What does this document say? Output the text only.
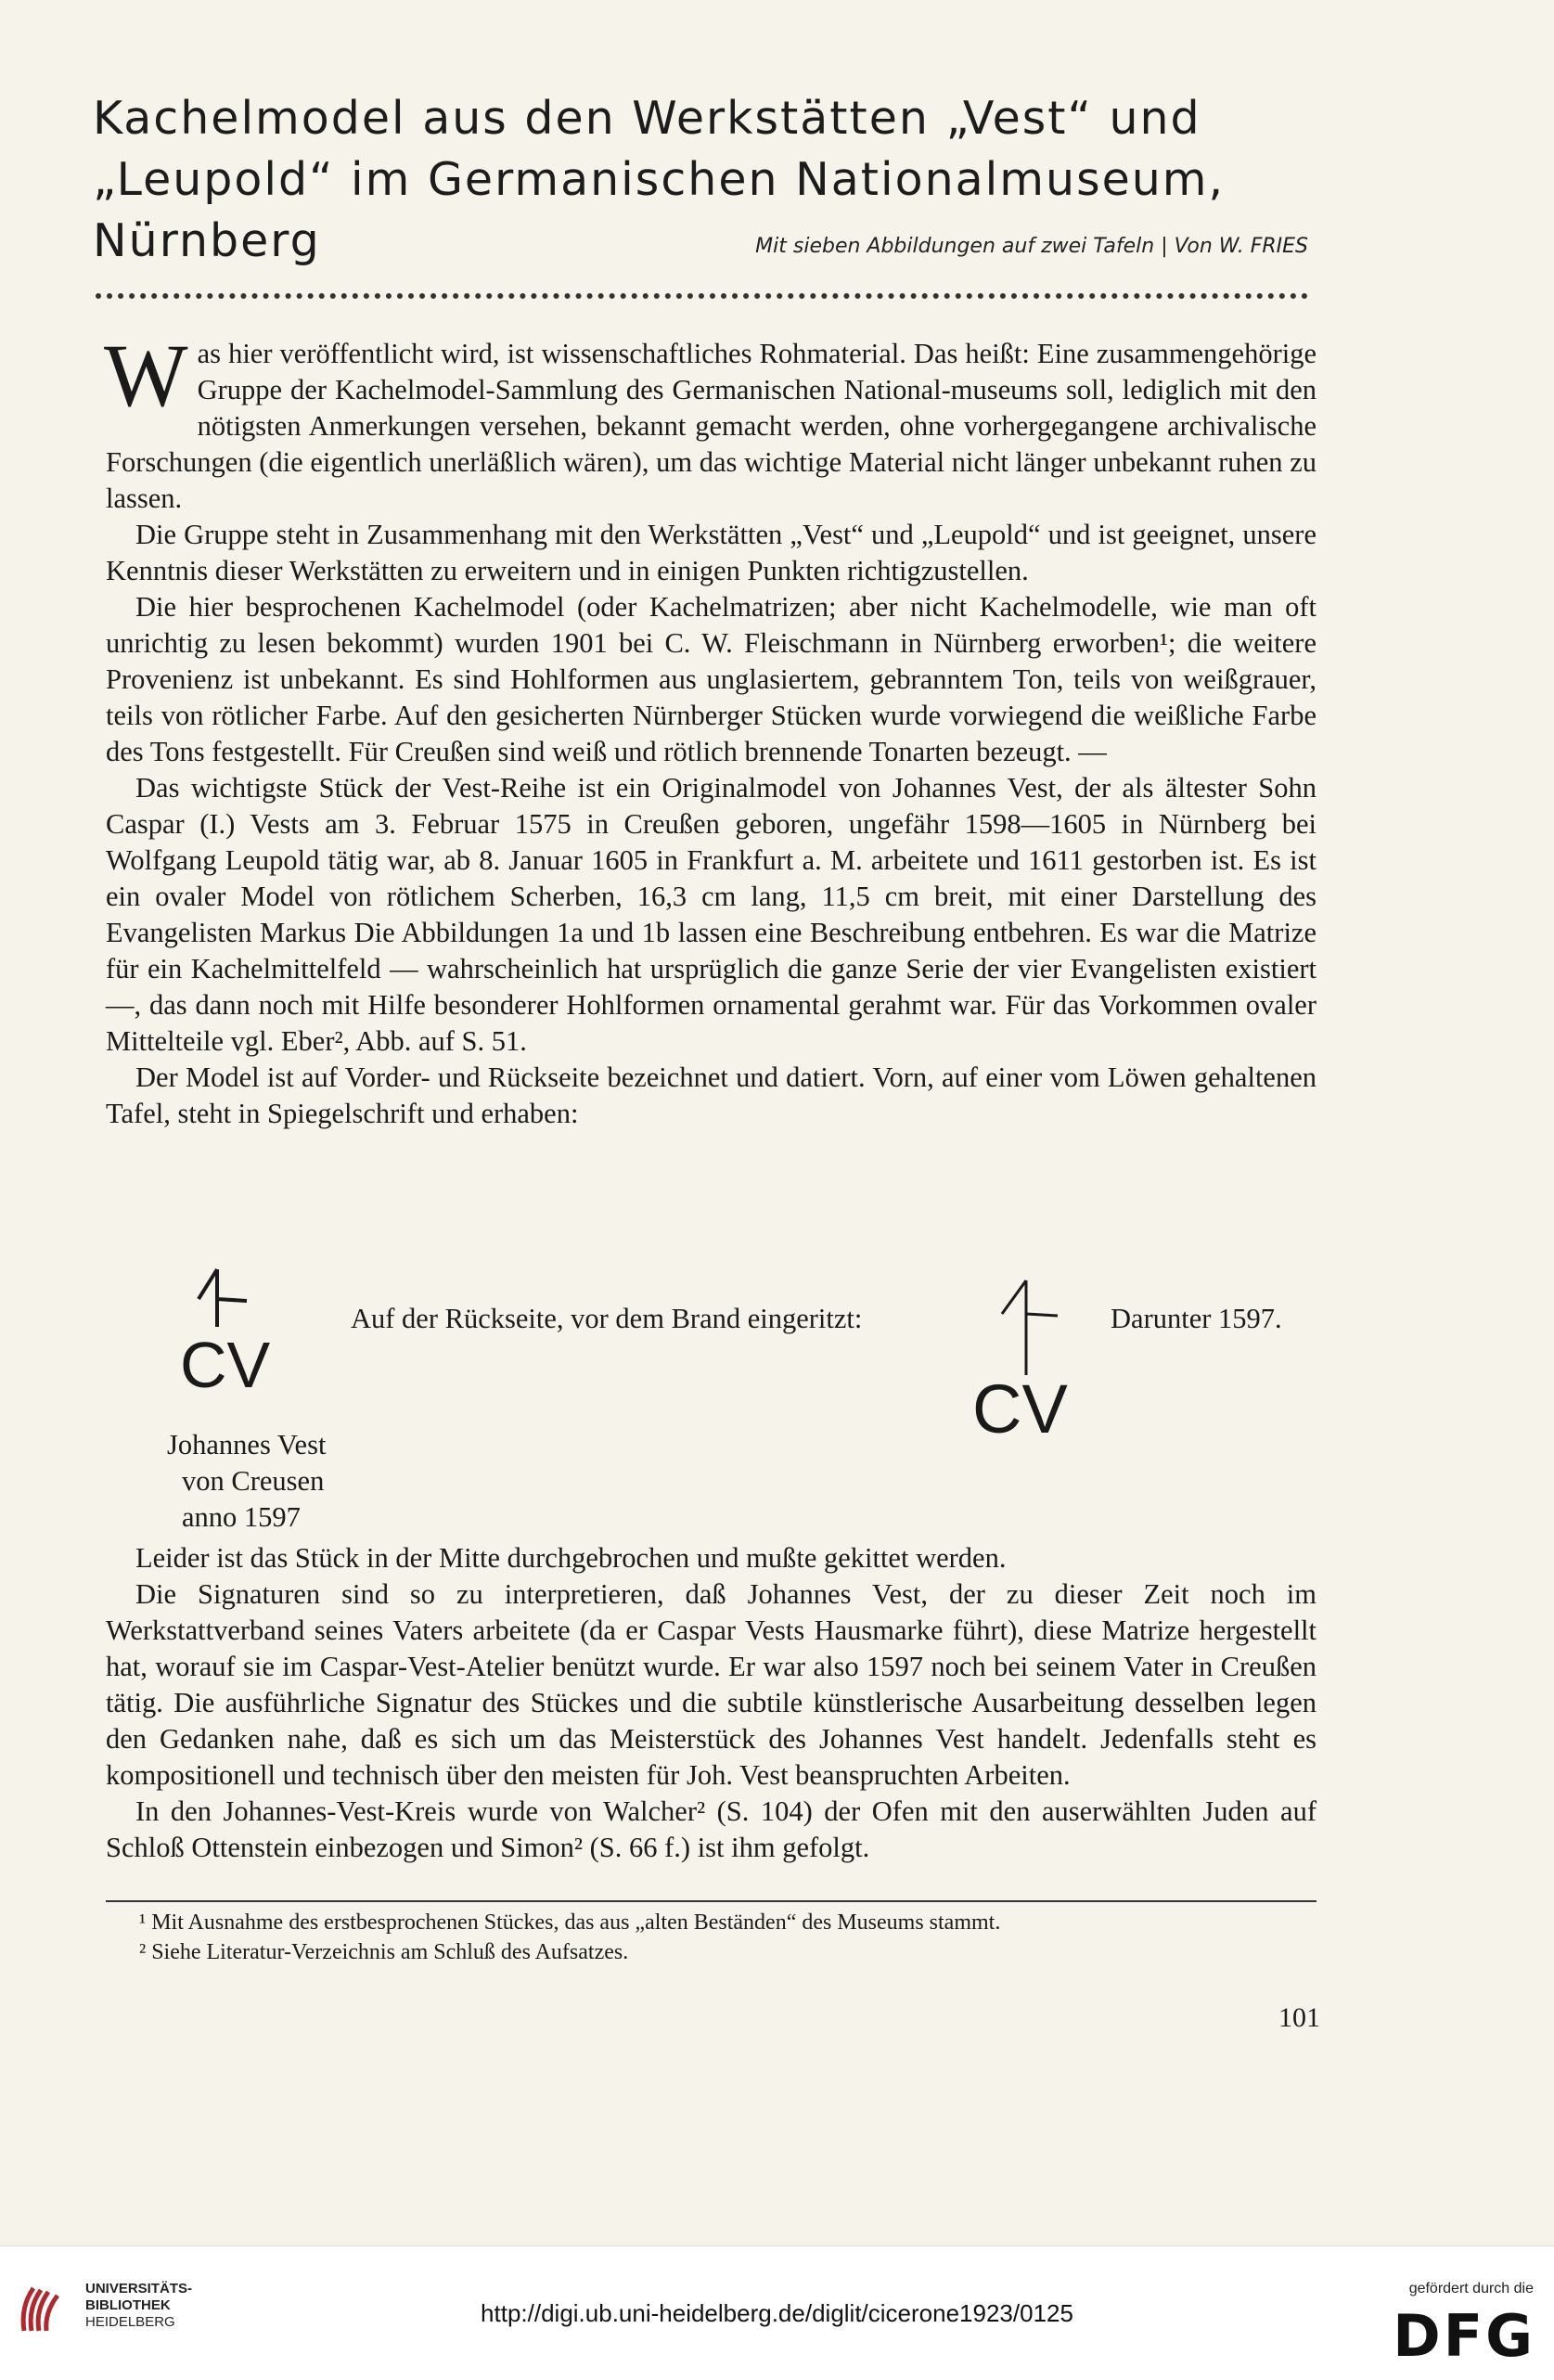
Kachelmodel aus den Werkstätten „Vest“ und
„Leupold“ im Germanischen Nationalmuseum,
Nürnberg	Mit sieben Abbildungen auf zwei Tafeln | Von W. FRIES

Was hier veröffentlicht wird, ist wissenschaftliches Rohmaterial. Das heißt: Eine zusammengehörige Gruppe der Kachelmodel-Sammlung des Germanischen National-museums soll, lediglich mit den nötigsten Anmerkungen versehen, bekannt gemacht werden, ohne vorhergegangene archivalische Forschungen (die eigentlich unerläßlich wären), um das wichtige Material nicht länger unbekannt ruhen zu lassen.

Die Gruppe steht in Zusammenhang mit den Werkstätten „Vest“ und „Leupold“ und ist geeignet, unsere Kenntnis dieser Werkstätten zu erweitern und in einigen Punkten richtigzustellen.

Die hier besprochenen Kachelmodel (oder Kachelmatrizen; aber nicht Kachelmodelle, wie man oft unrichtig zu lesen bekommt) wurden 1901 bei C. W. Fleischmann in Nürnberg erworben¹; die weitere Provenienz ist unbekannt. Es sind Hohlformen aus unglasiertem, gebranntem Ton, teils von weißgrauer, teils von rötlicher Farbe. Auf den gesicherten Nürnberger Stücken wurde vorwiegend die weißliche Farbe des Tons festgestellt. Für Creußen sind weiß und rötlich brennende Tonarten bezeugt. —

Das wichtigste Stück der Vest-Reihe ist ein Originalmodel von Johannes Vest, der als ältester Sohn Caspar (I.) Vests am 3. Februar 1575 in Creußen geboren, ungefähr 1598—1605 in Nürnberg bei Wolfgang Leupold tätig war, ab 8. Januar 1605 in Frankfurt a. M. arbeitete und 1611 gestorben ist. Es ist ein ovaler Model von rötlichem Scherben, 16,3 cm lang, 11,5 cm breit, mit einer Darstellung des Evangelisten Markus Die Abbildungen 1a und 1b lassen eine Beschreibung entbehren. Es war die Matrize für ein Kachelmittelfeld — wahrscheinlich hat ursprüglich die ganze Serie der vier Evangelisten existiert —, das dann noch mit Hilfe besonderer Hohlformen ornamental gerahmt war. Für das Vorkommen ovaler Mittelteile vgl. Eber², Abb. auf S. 51.

Der Model ist auf Vorder- und Rückseite bezeichnet und datiert. Vorn, auf einer vom Löwen gehaltenen Tafel, steht in Spiegelschrift und erhaben:

CV
Johannes Vest
von Creusen
anno 1597
Auf der Rückseite, vor dem Brand eingeritzt:
CV
Darunter 1597.

Leider ist das Stück in der Mitte durchgebrochen und mußte gekittet werden.

Die Signaturen sind so zu interpretieren, daß Johannes Vest, der zu dieser Zeit noch im Werkstattverband seines Vaters arbeitete (da er Caspar Vests Hausmarke führt), diese Matrize hergestellt hat, worauf sie im Caspar-Vest-Atelier benützt wurde. Er war also 1597 noch bei seinem Vater in Creußen tätig. Die ausführliche Signatur des Stückes und die subtile künstlerische Ausarbeitung desselben legen den Gedanken nahe, daß es sich um das Meisterstück des Johannes Vest handelt. Jedenfalls steht es kompositionell und technisch über den meisten für Joh. Vest beanspruchten Arbeiten.

In den Johannes-Vest-Kreis wurde von Walcher² (S. 104) der Ofen mit den auserwählten Juden auf Schloß Ottenstein einbezogen und Simon² (S. 66 f.) ist ihm gefolgt.

¹ Mit Ausnahme des erstbesprochenen Stückes, das aus „alten Beständen“ des Museums stammt.
² Siehe Literatur-Verzeichnis am Schluß des Aufsatzes.
101
UNIVERSITÄTS-
BIBLIOTHEK
HEIDELBERG	http://digi.ub.uni-heidelberg.de/diglit/cicerone1923/0125
gefördert durch die
DFG
